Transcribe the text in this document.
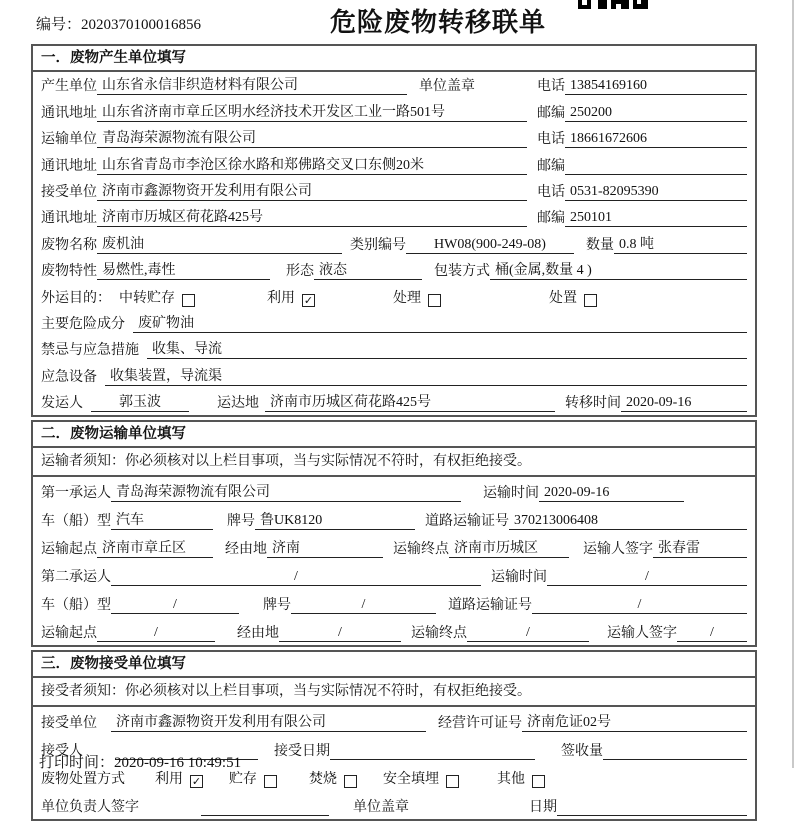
编号：2020370100016856	危险废物转移联单
一．废物产生单位填写
产生单位 山东省永信非织造材料有限公司	单位盖章	电话 13854169160
通讯地址 山东省济南市章丘区明水经济技术开发区工业一路501号	邮编 250200
运输单位 青岛海荣源物流有限公司	电话 18661672606
通讯地址 山东省青岛市李沧区徐水路和郑佛路交叉口东侧20米	邮编
接受单位 济南市鑫源物资开发利用有限公司	电话 0531-82095390
通讯地址 济南市历城区荷花路425号	邮编 250101
废物名称 废机油	类别编号	HW08(900-249-08)	数量 0.8 吨
废物特性 易燃性,毒性	形态 液态	包装方式 桶(金属,数量 4 )
外运目的： 中转贮存	利用 ✓	处理	处置
主要危险成分 废矿物油
禁忌与应急措施 收集、导流
应急设备 收集装置，导流渠
发运人	郭玉波	运达地 济南市历城区荷花路425号	转移时间 2020-09-16
二．废物运输单位填写
运输者须知：你必须核对以上栏目事项，当与实际情况不符时，有权拒绝接受。
第一承运人 青岛海荣源物流有限公司	运输时间 2020-09-16
车（船）型 汽车	牌号 鲁UK8120	道路运输证号 370213006408
运输起点 济南市章丘区	经由地 济南	运输终点 济南市历城区	运输人签字 张春雷
第二承运人	/	运输时间	/
车（船）型	/	牌号	/	道路运输证号	/
运输起点	/	经由地	/	运输终点	/	运输人签字	/
三．废物接受单位填写
接受者须知：你必须核对以上栏目事项，当与实际情况不符时，有权拒绝接受。
接受单位	济南市鑫源物资开发利用有限公司	经营许可证号 济南危证02号
接受人	接受日期	签收量
废物处置方式 利用 ✓ 贮存	焚烧	安全填埋	其他
单位负责人签字	单位盖章	日期
打印时间：2020-09-16 10:49:51
